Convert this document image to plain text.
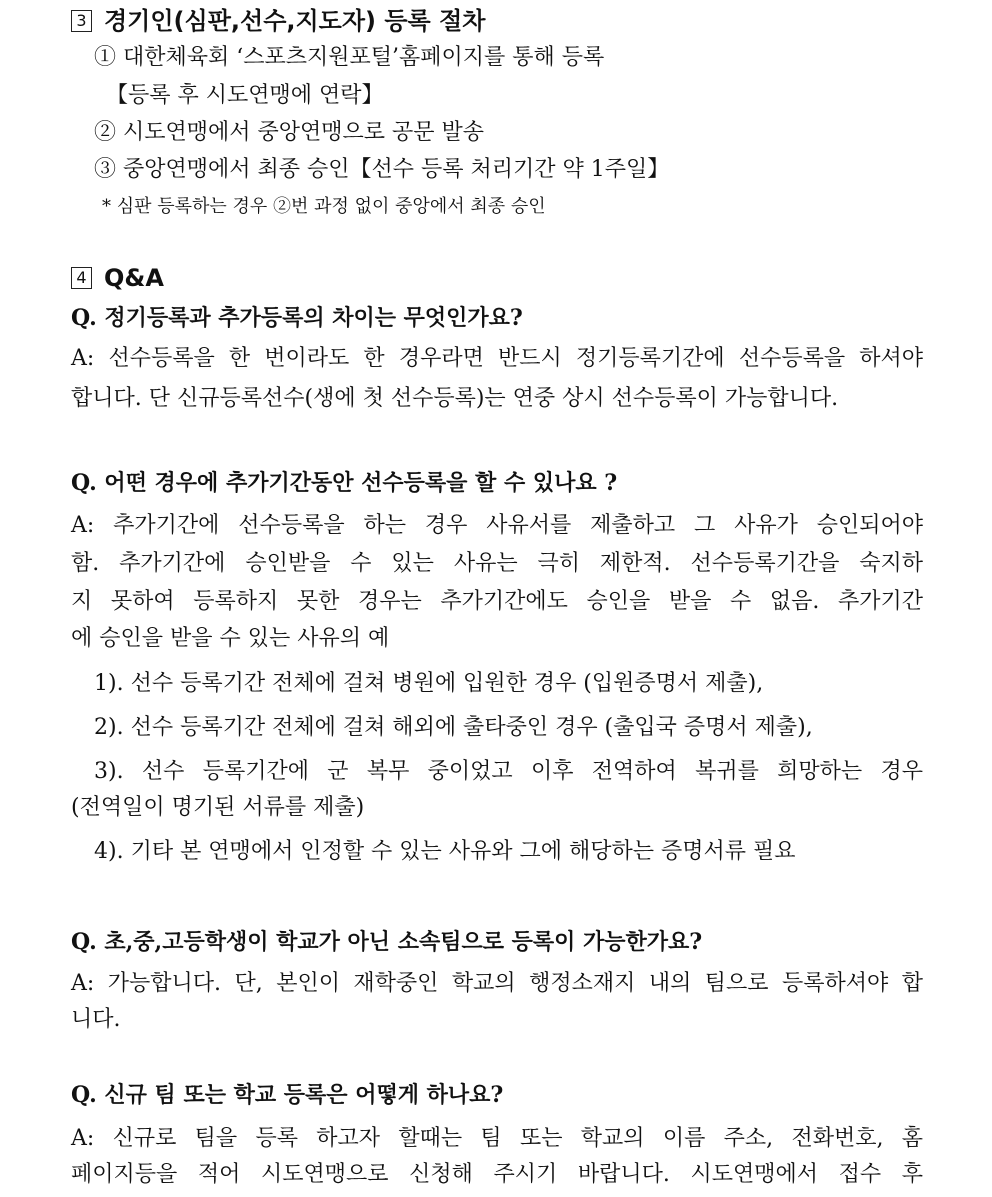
3 경기인(심판,선수,지도자) 등록 절차
① 대한체육회 ‘스포츠지원포털’홈페이지를 통해 등록
【등록 후 시도연맹에 연락】
② 시도연맹에서 중앙연맹으로 공문 발송
③ 중앙연맹에서 최종 승인【선수 등록 처리기간 약 1주일】
* 심판 등록하는 경우 ②번 과정 없이 중앙에서 최종 승인
4 Q&A
Q. 정기등록과 추가등록의 차이는 무엇인가요?
A: 선수등록을 한 번이라도 한 경우라면 반드시 정기등록기간에 선수등록을 하셔야
합니다. 단 신규등록선수(생에 첫 선수등록)는 연중 상시 선수등록이 가능합니다.
Q. 어떤 경우에 추가기간동안 선수등록을 할 수 있나요 ?
A: 추가기간에 선수등록을 하는 경우 사유서를 제출하고 그 사유가 승인되어야
함. 추가기간에 승인받을 수 있는 사유는 극히 제한적. 선수등록기간을 숙지하
지 못하여 등록하지 못한 경우는 추가기간에도 승인을 받을 수 없음. 추가기간
에 승인을 받을 수 있는 사유의 예
1). 선수 등록기간 전체에 걸쳐 병원에 입원한 경우 (입원증명서 제출),
2). 선수 등록기간 전체에 걸쳐 해외에 출타중인 경우 (출입국 증명서 제출),
3). 선수 등록기간에 군 복무 중이었고 이후 전역하여 복귀를 희망하는 경우
(전역일이 명기된 서류를 제출)
4). 기타 본 연맹에서 인정할 수 있는 사유와 그에 해당하는 증명서류 필요
Q. 초,중,고등학생이 학교가 아닌 소속팀으로 등록이 가능한가요?
A: 가능합니다. 단, 본인이 재학중인 학교의 행정소재지 내의 팀으로 등록하셔야 합
니다.
Q. 신규 팀 또는 학교 등록은 어떻게 하나요?
A: 신규로 팀을 등록 하고자 할때는 팀 또는 학교의 이름 주소, 전화번호, 홈
페이지등을 적어 시도연맹으로 신청해 주시기 바랍니다. 시도연맹에서 접수 후
